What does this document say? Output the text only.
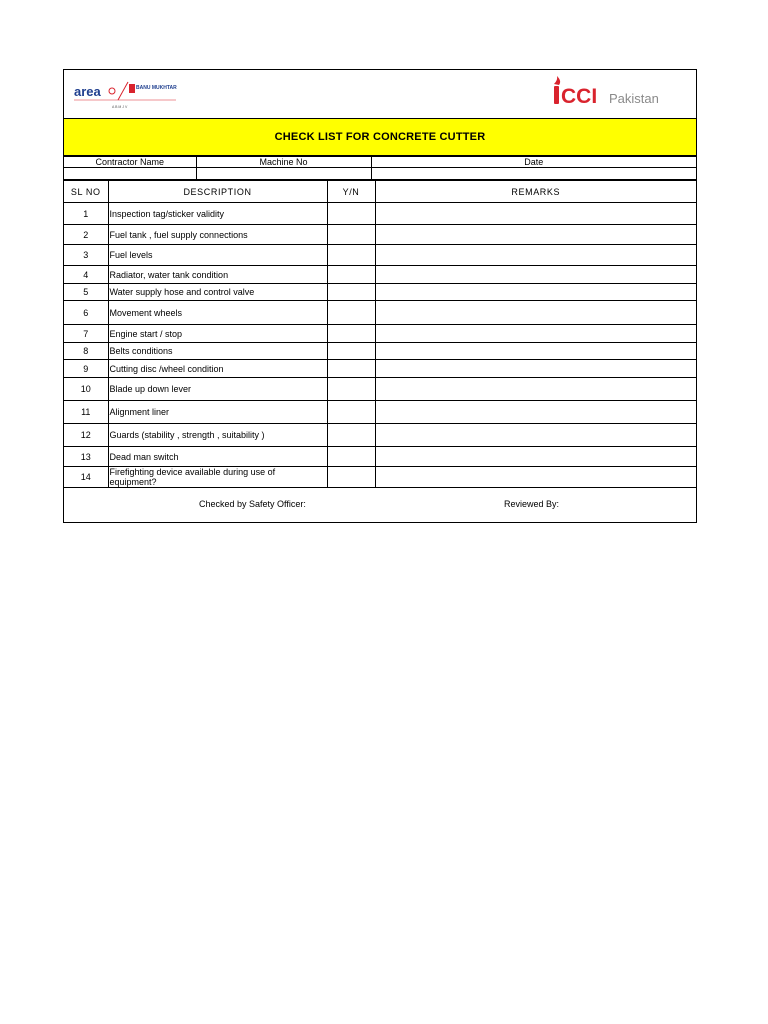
area	BANU MUKHTAR
A B M J V	CCI Pakistan
CHECK LIST FOR CONCRETE CUTTER
Contractor Name	Machine No	Date

SL NO	DESCRIPTION	Y/N	REMARKS
1	Inspection tag/sticker validity		
2	Fuel tank , fuel supply connections		
3	Fuel levels		
4	Radiator, water tank condition		
5	Water supply hose and control valve		
6	Movement wheels		
7	Engine start / stop		
8	Belts conditions		
9	Cutting disc /wheel condition		
10	Blade up down lever		
11	Alignment liner		
12	Guards (stability , strength , suitability )		
13	Dead man switch		
14	Firefighting device available during use of equipment?		
Checked by Safety Officer:	Reviewed By:
